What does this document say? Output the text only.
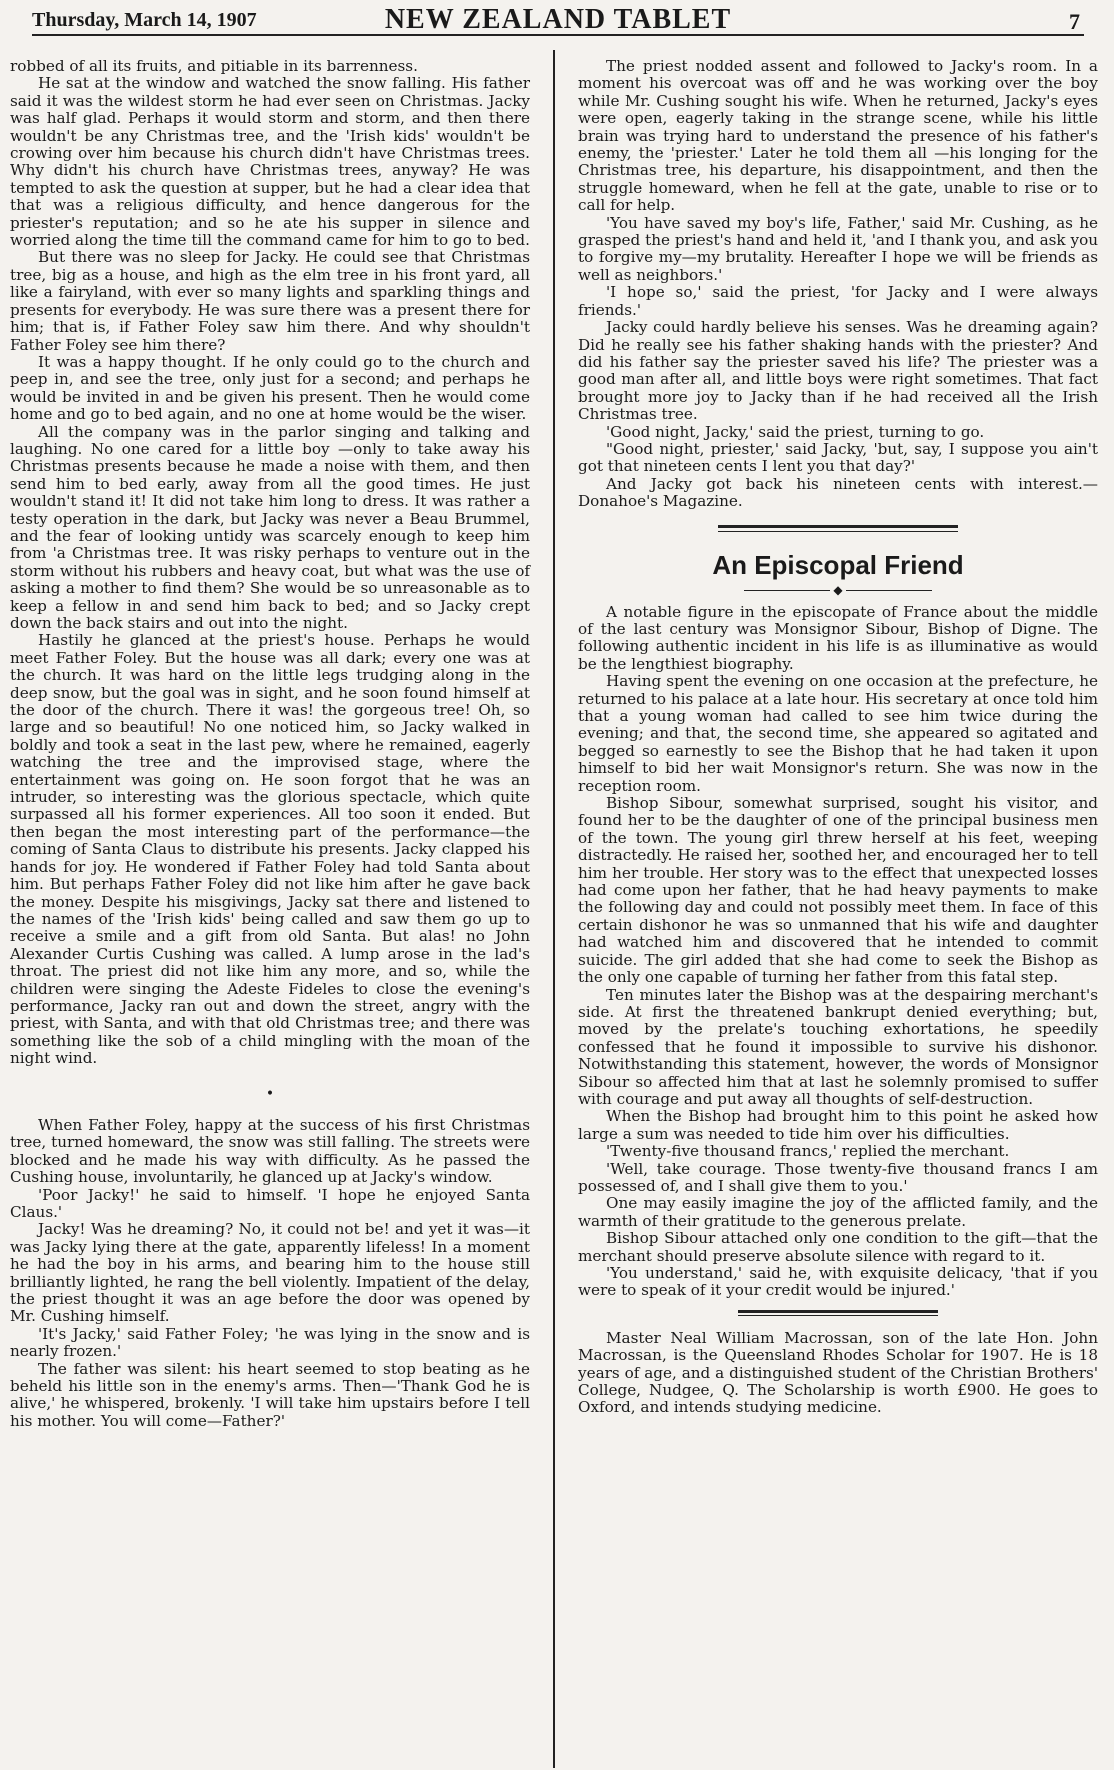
Thursday, March 14, 1907	NEW ZEALAND TABLET	7

robbed of all its fruits, and pitiable in its barrenness.

He sat at the window and watched the snow falling. His father said it was the wildest storm he had ever seen on Christmas. Jacky was half glad. Perhaps it would storm and storm, and then there wouldn't be any Christmas tree, and the 'Irish kids' wouldn't be crowing over him because his church didn't have Christmas trees. Why didn't his church have Christmas trees, anyway? He was tempted to ask the question at supper, but he had a clear idea that that was a religious difficulty, and hence dangerous for the priester's reputation; and so he ate his supper in silence and worried along the time till the command came for him to go to bed.

But there was no sleep for Jacky. He could see that Christmas tree, big as a house, and high as the elm tree in his front yard, all like a fairyland, with ever so many lights and sparkling things and presents for everybody. He was sure there was a present there for him; that is, if Father Foley saw him there. And why shouldn't Father Foley see him there?

It was a happy thought. If he only could go to the church and peep in, and see the tree, only just for a second; and perhaps he would be invited in and be given his present. Then he would come home and go to bed again, and no one at home would be the wiser.

All the company was in the parlor singing and talking and laughing. No one cared for a little boy —only to take away his Christmas presents because he made a noise with them, and then send him to bed early, away from all the good times. He just wouldn't stand it! It did not take him long to dress. It was rather a testy operation in the dark, but Jacky was never a Beau Brummel, and the fear of looking untidy was scarcely enough to keep him from 'a Christmas tree. It was risky perhaps to venture out in the storm without his rubbers and heavy coat, but what was the use of asking a mother to find them? She would be so unreasonable as to keep a fellow in and send him back to bed; and so Jacky crept down the back stairs and out into the night.

Hastily he glanced at the priest's house. Perhaps he would meet Father Foley. But the house was all dark; every one was at the church. It was hard on the little legs trudging along in the deep snow, but the goal was in sight, and he soon found himself at the door of the church. There it was! the gorgeous tree! Oh, so large and so beautiful! No one noticed him, so Jacky walked in boldly and took a seat in the last pew, where he remained, eagerly watching the tree and the improvised stage, where the entertainment was going on. He soon forgot that he was an intruder, so interesting was the glorious spectacle, which quite surpassed all his former experiences. All too soon it ended. But then began the most interesting part of the performance—the coming of Santa Claus to distribute his presents. Jacky clapped his hands for joy. He wondered if Father Foley had told Santa about him. But perhaps Father Foley did not like him after he gave back the money. Despite his misgivings, Jacky sat there and listened to the names of the 'Irish kids' being called and saw them go up to receive a smile and a gift from old Santa. But alas! no John Alexander Curtis Cushing was called. A lump arose in the lad's throat. The priest did not like him any more, and so, while the children were singing the Adeste Fideles to close the evening's performance, Jacky ran out and down the street, angry with the priest, with Santa, and with that old Christmas tree; and there was something like the sob of a child mingling with the moan of the night wind.

•

When Father Foley, happy at the success of his first Christmas tree, turned homeward, the snow was still falling. The streets were blocked and he made his way with difficulty. As he passed the Cushing house, involuntarily, he glanced up at Jacky's window.

'Poor Jacky!' he said to himself. 'I hope he enjoyed Santa Claus.'

Jacky! Was he dreaming? No, it could not be! and yet it was—it was Jacky lying there at the gate, apparently lifeless! In a moment he had the boy in his arms, and bearing him to the house still brilliantly lighted, he rang the bell violently. Impatient of the delay, the priest thought it was an age before the door was opened by Mr. Cushing himself.

'It's Jacky,' said Father Foley; 'he was lying in the snow and is nearly frozen.'

The father was silent: his heart seemed to stop beating as he beheld his little son in the enemy's arms. Then—'Thank God he is alive,' he whispered, brokenly. 'I will take him upstairs before I tell his mother. You will come—Father?'

The priest nodded assent and followed to Jacky's room. In a moment his overcoat was off and he was working over the boy while Mr. Cushing sought his wife. When he returned, Jacky's eyes were open, eagerly taking in the strange scene, while his little brain was trying hard to understand the presence of his father's enemy, the 'priester.' Later he told them all —his longing for the Christmas tree, his departure, his disappointment, and then the struggle homeward, when he fell at the gate, unable to rise or to call for help.

'You have saved my boy's life, Father,' said Mr. Cushing, as he grasped the priest's hand and held it, 'and I thank you, and ask you to forgive my—my brutality. Hereafter I hope we will be friends as well as neighbors.'

'I hope so,' said the priest, 'for Jacky and I were always friends.'

Jacky could hardly believe his senses. Was he dreaming again? Did he really see his father shaking hands with the priester? And did his father say the priester saved his life? The priester was a good man after all, and little boys were right sometimes. That fact brought more joy to Jacky than if he had received all the Irish Christmas tree.

'Good night, Jacky,' said the priest, turning to go.

"Good night, priester,' said Jacky, 'but, say, I suppose you ain't got that nineteen cents I lent you that day?'

And Jacky got back his nineteen cents with interest.—Donahoe's Magazine.

An Episcopal Friend
◆

A notable figure in the episcopate of France about the middle of the last century was Monsignor Sibour, Bishop of Digne. The following authentic incident in his life is as illuminative as would be the lengthiest biography.

Having spent the evening on one occasion at the prefecture, he returned to his palace at a late hour. His secretary at once told him that a young woman had called to see him twice during the evening; and that, the second time, she appeared so agitated and begged so earnestly to see the Bishop that he had taken it upon himself to bid her wait Monsignor's return. She was now in the reception room.

Bishop Sibour, somewhat surprised, sought his visitor, and found her to be the daughter of one of the principal business men of the town. The young girl threw herself at his feet, weeping distractedly. He raised her, soothed her, and encouraged her to tell him her trouble. Her story was to the effect that unexpected losses had come upon her father, that he had heavy payments to make the following day and could not possibly meet them. In face of this certain dishonor he was so unmanned that his wife and daughter had watched him and discovered that he intended to commit suicide. The girl added that she had come to seek the Bishop as the only one capable of turning her father from this fatal step.

Ten minutes later the Bishop was at the despairing merchant's side. At first the threatened bankrupt denied everything; but, moved by the prelate's touching exhortations, he speedily confessed that he found it impossible to survive his dishonor. Notwithstanding this statement, however, the words of Monsignor Sibour so affected him that at last he solemnly promised to suffer with courage and put away all thoughts of self-destruction.

When the Bishop had brought him to this point he asked how large a sum was needed to tide him over his difficulties.

'Twenty-five thousand francs,' replied the merchant.

'Well, take courage. Those twenty-five thousand francs I am possessed of, and I shall give them to you.'

One may easily imagine the joy of the afflicted family, and the warmth of their gratitude to the generous prelate.

Bishop Sibour attached only one condition to the gift—that the merchant should preserve absolute silence with regard to it.

'You understand,' said he, with exquisite delicacy, 'that if you were to speak of it your credit would be injured.'

Master Neal William Macrossan, son of the late Hon. John Macrossan, is the Queensland Rhodes Scholar for 1907. He is 18 years of age, and a distinguished student of the Christian Brothers' College, Nudgee, Q. The Scholarship is worth £900. He goes to Oxford, and intends studying medicine.
